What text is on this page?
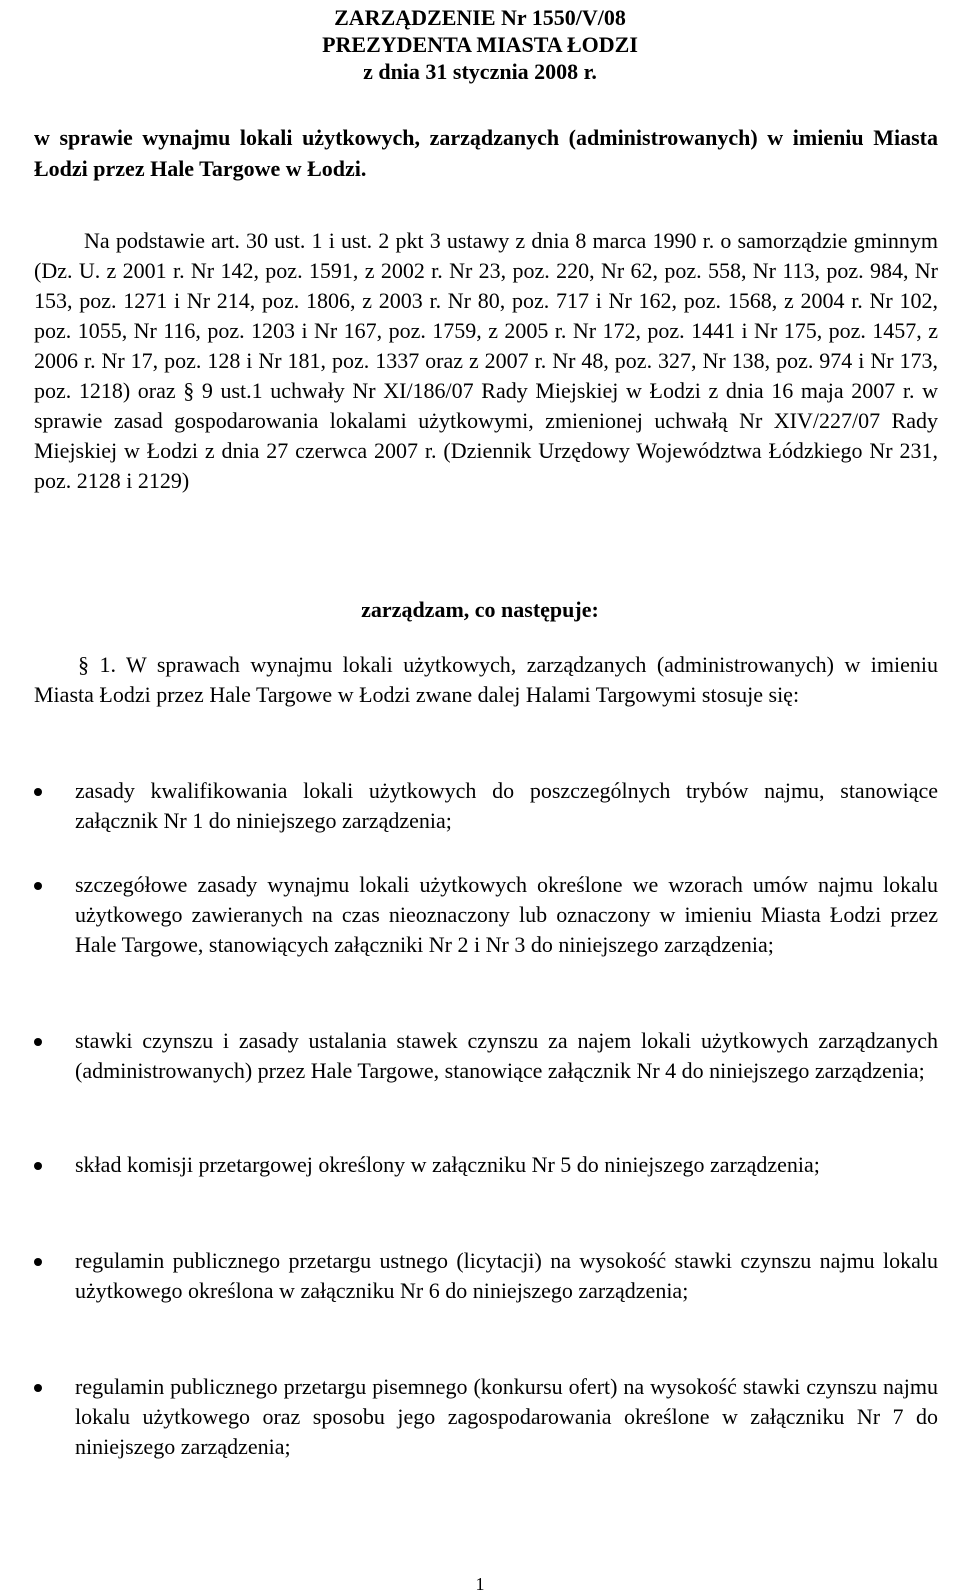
ZARZĄDZENIE Nr 1550/V/08
PREZYDENTA MIASTA ŁODZI
z dnia 31 stycznia 2008 r.
w sprawie wynajmu lokali użytkowych, zarządzanych (administrowanych) w imieniu Miasta Łodzi przez Hale Targowe w Łodzi.
Na podstawie art. 30 ust. 1 i ust. 2 pkt 3 ustawy z dnia 8 marca 1990 r. o samorządzie gminnym (Dz. U. z 2001 r. Nr 142, poz. 1591, z 2002 r. Nr 23, poz. 220, Nr 62, poz. 558, Nr 113, poz. 984, Nr 153, poz. 1271 i Nr 214, poz. 1806, z 2003 r. Nr 80, poz. 717 i Nr 162, poz. 1568, z 2004 r. Nr 102, poz. 1055, Nr 116, poz. 1203 i Nr 167, poz. 1759, z 2005 r. Nr 172, poz. 1441 i Nr 175, poz. 1457, z 2006 r. Nr 17, poz. 128 i Nr 181, poz. 1337 oraz z 2007 r. Nr 48, poz. 327, Nr 138, poz. 974 i Nr 173, poz. 1218) oraz § 9 ust.1 uchwały Nr XI/186/07 Rady Miejskiej w Łodzi z dnia 16 maja 2007 r. w sprawie zasad gospodarowania lokalami użytkowymi, zmienionej uchwałą Nr XIV/227/07 Rady Miejskiej w Łodzi z dnia 27 czerwca 2007 r. (Dziennik Urzędowy Województwa Łódzkiego Nr 231, poz. 2128 i 2129)
zarządzam, co następuje:
§ 1. W sprawach wynajmu lokali użytkowych, zarządzanych (administrowanych) w imieniu Miasta Łodzi przez Hale Targowe w Łodzi zwane dalej Halami Targowymi stosuje się:
zasady kwalifikowania lokali użytkowych do poszczególnych trybów najmu, stanowiące załącznik Nr 1 do niniejszego zarządzenia;
szczegółowe zasady wynajmu lokali użytkowych określone we wzorach umów najmu lokalu użytkowego zawieranych na czas nieoznaczony lub oznaczony w imieniu Miasta Łodzi przez Hale Targowe, stanowiących załączniki Nr 2 i Nr 3 do niniejszego zarządzenia;
stawki czynszu i zasady ustalania stawek czynszu za najem lokali użytkowych zarządzanych (administrowanych) przez Hale Targowe, stanowiące załącznik Nr 4 do niniejszego zarządzenia;
skład komisji przetargowej określony w załączniku Nr 5 do niniejszego zarządzenia;
regulamin publicznego przetargu ustnego (licytacji) na wysokość stawki czynszu najmu lokalu użytkowego określona w załączniku Nr 6 do niniejszego zarządzenia;
regulamin publicznego przetargu pisemnego (konkursu ofert) na wysokość stawki czynszu najmu lokalu użytkowego oraz sposobu jego zagospodarowania określone w załączniku Nr 7 do niniejszego zarządzenia;
1
